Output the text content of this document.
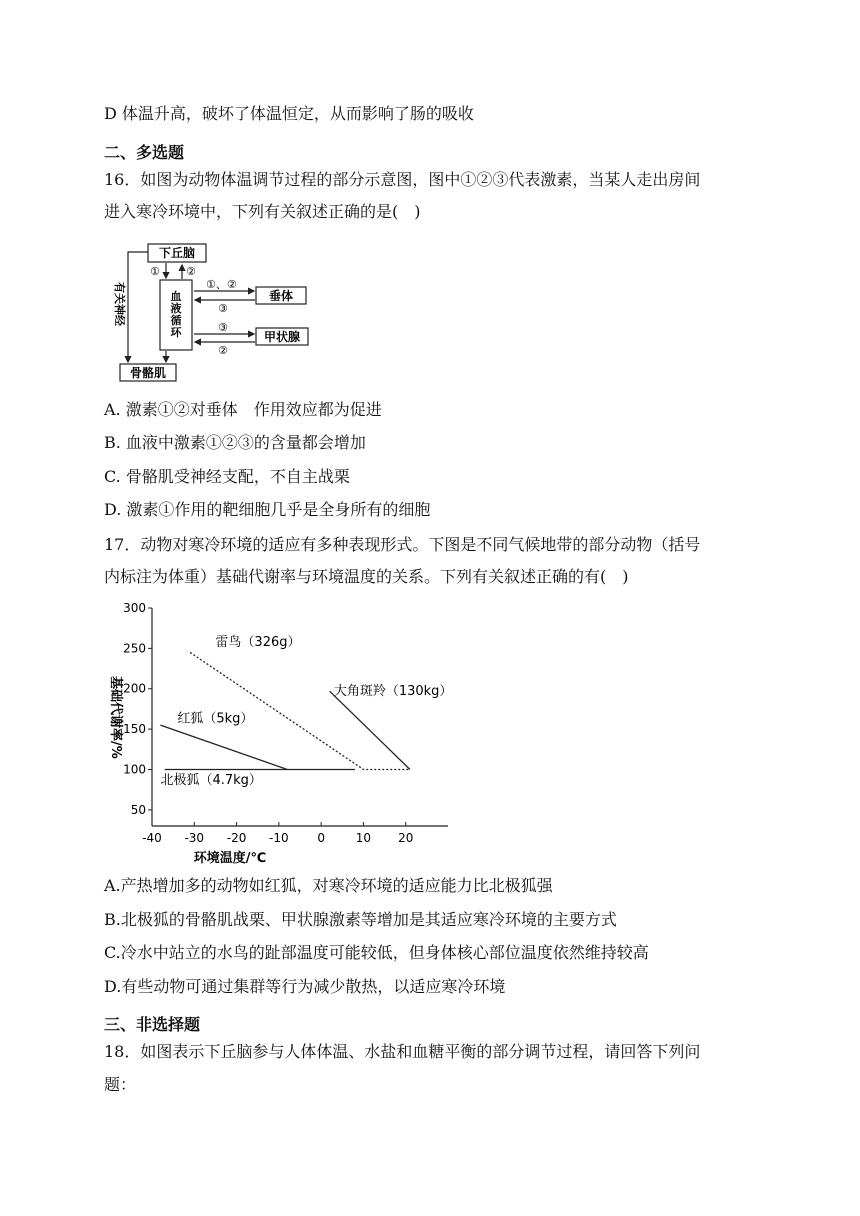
D 体温升高，破坏了体温恒定，从而影响了肠的吸收
二、多选题
16．如图为动物体温调节过程的部分示意图，图中①②③代表激素，当某人走出房间
进入寒冷环境中，下列有关叙述正确的是(　)
下丘脑
血液循环
垂体
甲状腺
骨骼肌
有关神经
① ②
①、②
③
③
②
A. 激素①②对垂体　作用效应都为促进
B. 血液中激素①②③的含量都会增加
C. 骨骼肌受神经支配，不自主战栗
D. 激素①作用的靶细胞几乎是全身所有的细胞
17．动物对寒冷环境的适应有多种表现形式。下图是不同气候地带的部分动物（括号
内标注为体重）基础代谢率与环境温度的关系。下列有关叙述正确的有(　)
-40 -30 -20 -10 0	10 20
50
100
150
200
250
300
环境温度/℃
基础代谢率/%
雷鸟（326g）
大角斑羚（130kg）
红狐（5kg）
北极狐（4.7kg）
A.产热增加多的动物如红狐，对寒冷环境的适应能力比北极狐强
B.北极狐的骨骼肌战栗、甲状腺激素等增加是其适应寒冷环境的主要方式
C.冷水中站立的水鸟的趾部温度可能较低，但身体核心部位温度依然维持较高
D.有些动物可通过集群等行为减少散热，以适应寒冷环境
三、非选择题
18．如图表示下丘脑参与人体体温、水盐和血糖平衡的部分调节过程，请回答下列问
题：
